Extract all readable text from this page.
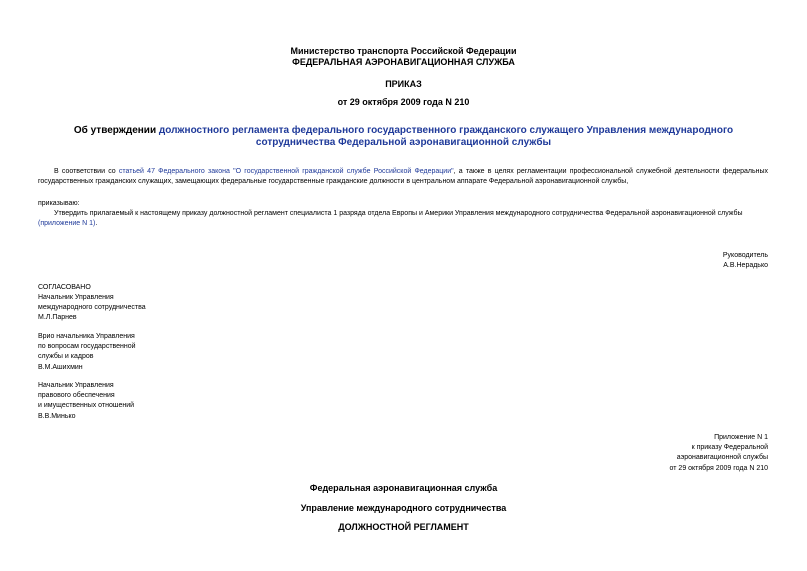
Министерство транспорта Российской Федерации
ФЕДЕРАЛЬНАЯ АЭРОНАВИГАЦИОННАЯ СЛУЖБА
ПРИКАЗ
от 29 октября 2009 года N 210
Об утверждении должностного регламента федерального государственного гражданского служащего Управления международного сотрудничества Федеральной аэронавигационной службы
В соответствии со статьей 47 Федерального закона "О государственной гражданской службе Российской Федерации", а также в целях регламентации профессиональной служебной деятельности федеральных государственных гражданских служащих, замещающих федеральные государственные гражданские должности в центральном аппарате Федеральной аэронавигационной службы,
приказываю:
Утвердить прилагаемый к настоящему приказу должностной регламент специалиста 1 разряда отдела Европы и Америки Управления международного сотрудничества Федеральной аэронавигационной службы (приложение N 1).
Руководитель
А.В.Нерадько
СОГЛАСОВАНО
Начальник Управления
международного сотрудничества
М.Л.Парнев
Врио начальника Управления
по вопросам государственной
службы и кадров
В.М.Ашихмин
Начальник Управления
правового обеспечения
и имущественных отношений
В.В.Минько
Приложение N 1
к приказу Федеральной
аэронавигационной службы
от 29 октября 2009 года N 210
Федеральная аэронавигационная служба
Управление международного сотрудничества
ДОЛЖНОСТНОЙ РЕГЛАМЕНТ
